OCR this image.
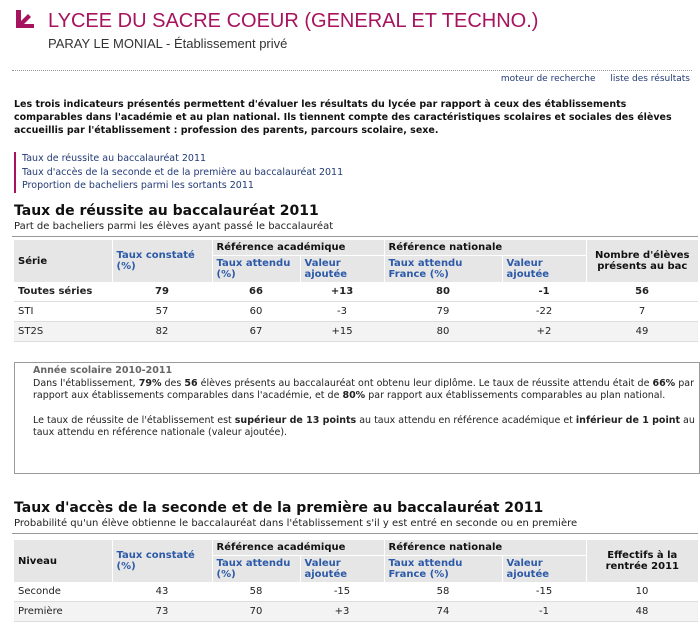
LYCEE DU SACRE COEUR (GENERAL ET TECHNO.)
PARAY LE MONIAL - Établissement privé
moteur de recherche liste des résultats
Les trois indicateurs présentés permettent d'évaluer les résultats du lycée par rapport à ceux des établissements comparables dans l'académie et au plan national. Ils tiennent compte des caractéristiques scolaires et sociales des élèves accueillis par l'établissement : profession des parents, parcours scolaire, sexe.
Taux de réussite au baccalauréat 2011
Taux d'accès de la seconde et de la première au baccalauréat 2011
Proportion de bacheliers parmi les sortants 2011
Taux de réussite au baccalauréat 2011
Part de bacheliers parmi les élèves ayant passé le baccalauréat
Série	Taux constaté (%)	Référence académique		Référence nationale		Nombre d'élèves présents au bac
		Taux attendu (%)	Valeur ajoutée	Taux attendu France (%)	Valeur ajoutée	
Toutes séries	79	66	+13	80	-1	56
STI	57	60	-3	79	-22	7
ST2S	82	67	+15	80	+2	49
Année scolaire 2010-2011

Dans l'établissement, 79% des 56 élèves présents au baccalauréat ont obtenu leur diplôme. Le taux de réussite attendu était de 66% par rapport aux établissements comparables dans l'académie, et de 80% par rapport aux établissements comparables au plan national.

Le taux de réussite de l'établissement est supérieur de 13 points au taux attendu en référence académique et inférieur de 1 point au taux attendu en référence nationale (valeur ajoutée).

Taux d'accès de la seconde et de la première au baccalauréat 2011
Probabilité qu'un élève obtienne le baccalauréat dans l'établissement s'il y est entré en seconde ou en première
Niveau	Taux constaté (%)	Référence académique		Référence nationale		Effectifs à la rentrée 2011
		Taux attendu (%)	Valeur ajoutée	Taux attendu France (%)	Valeur ajoutée	
Seconde	43	58	-15	58	-15	10
Première	73	70	+3	74	-1	48
